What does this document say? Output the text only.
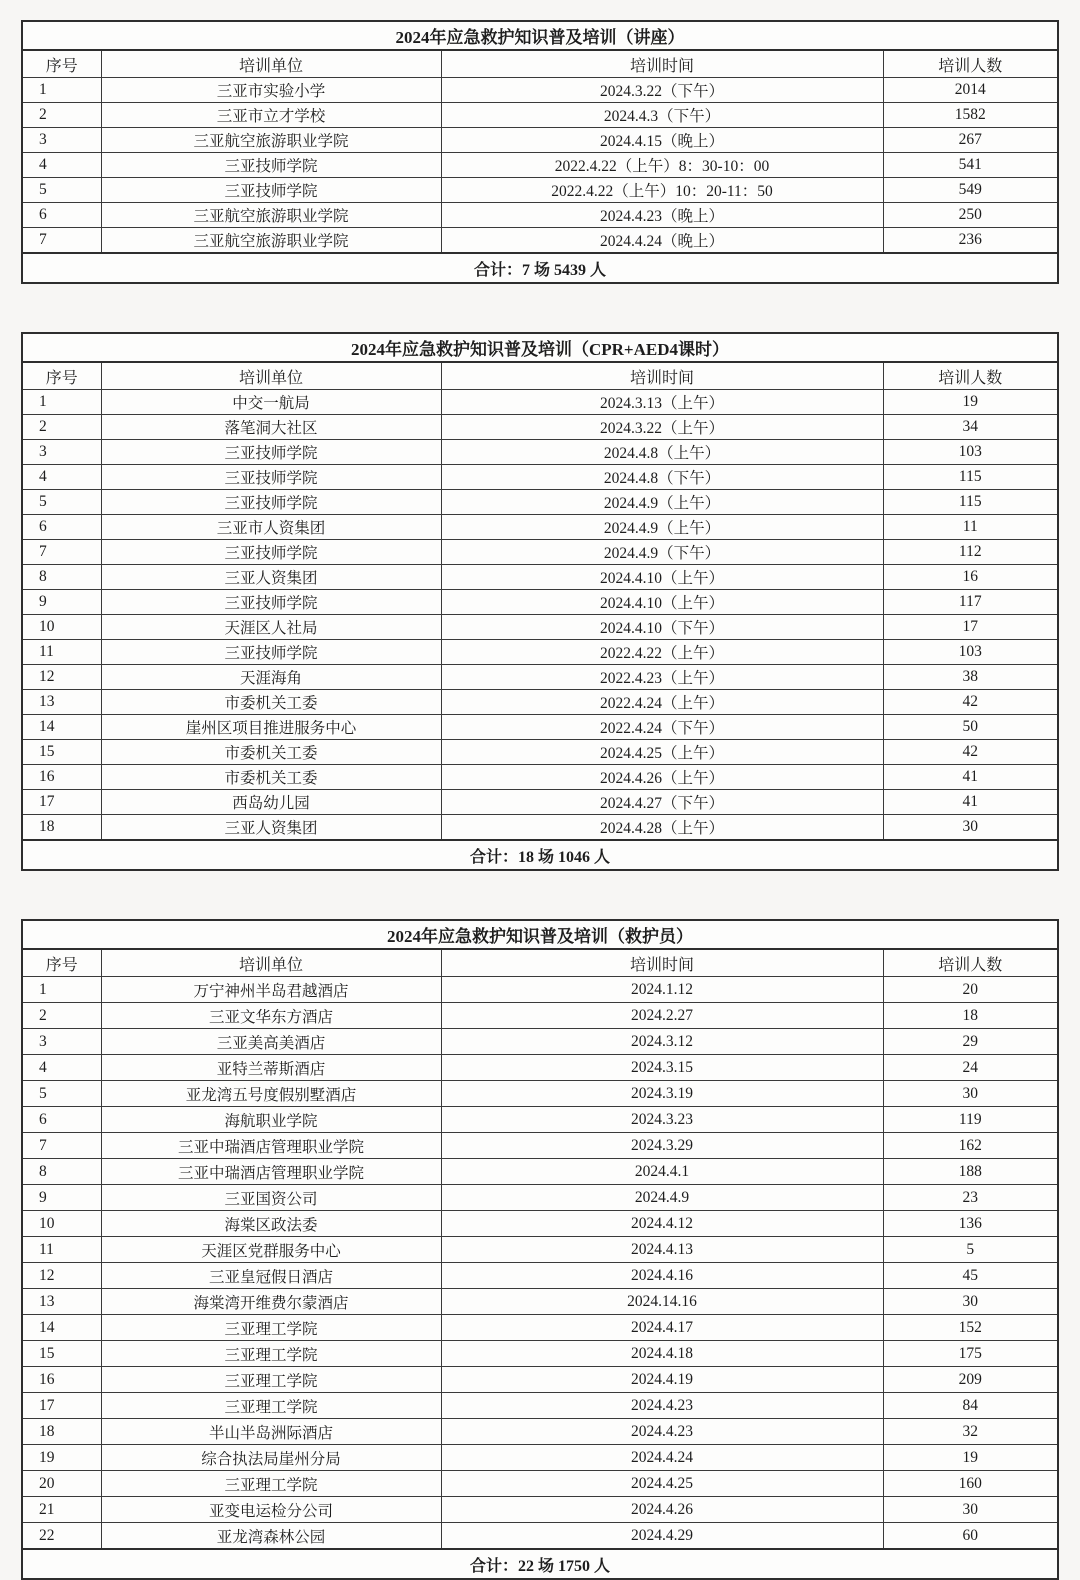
2024年应急救护知识普及培训（讲座）			
序号	培训单位	培训时间	培训人数
1	三亚市实验小学	2024.3.22（下午）	2014
2	三亚市立才学校	2024.4.3（下午）	1582
3	三亚航空旅游职业学院	2024.4.15（晚上）	267
4	三亚技师学院	2022.4.22（上午）8：30-10：00	541
5	三亚技师学院	2022.4.22（上午）10：20-11：50	549
6	三亚航空旅游职业学院	2024.4.23（晚上）	250
7	三亚航空旅游职业学院	2024.4.24（晚上）	236
合计：7 场 5439 人			
2024年应急救护知识普及培训（CPR+AED4课时）			
序号	培训单位	培训时间	培训人数
1	中交一航局	2024.3.13（上午）	19
2	落笔洞大社区	2024.3.22（上午）	34
3	三亚技师学院	2024.4.8（上午）	103
4	三亚技师学院	2024.4.8（下午）	115
5	三亚技师学院	2024.4.9（上午）	115
6	三亚市人资集团	2024.4.9（上午）	11
7	三亚技师学院	2024.4.9（下午）	112
8	三亚人资集团	2024.4.10（上午）	16
9	三亚技师学院	2024.4.10（上午）	117
10	天涯区人社局	2024.4.10（下午）	17
11	三亚技师学院	2022.4.22（上午）	103
12	天涯海角	2022.4.23（上午）	38
13	市委机关工委	2022.4.24（上午）	42
14	崖州区项目推进服务中心	2022.4.24（下午）	50
15	市委机关工委	2024.4.25（上午）	42
16	市委机关工委	2024.4.26（上午）	41
17	西岛幼儿园	2024.4.27（下午）	41
18	三亚人资集团	2024.4.28（上午）	30
合计：18 场 1046 人			
2024年应急救护知识普及培训（救护员）			
序号	培训单位	培训时间	培训人数
1	万宁神州半岛君越酒店	2024.1.12	20
2	三亚文华东方酒店	2024.2.27	18
3	三亚美高美酒店	2024.3.12	29
4	亚特兰蒂斯酒店	2024.3.15	24
5	亚龙湾五号度假别墅酒店	2024.3.19	30
6	海航职业学院	2024.3.23	119
7	三亚中瑞酒店管理职业学院	2024.3.29	162
8	三亚中瑞酒店管理职业学院	2024.4.1	188
9	三亚国资公司	2024.4.9	23
10	海棠区政法委	2024.4.12	136
11	天涯区党群服务中心	2024.4.13	5
12	三亚皇冠假日酒店	2024.4.16	45
13	海棠湾开维费尔蒙酒店	2024.14.16	30
14	三亚理工学院	2024.4.17	152
15	三亚理工学院	2024.4.18	175
16	三亚理工学院	2024.4.19	209
17	三亚理工学院	2024.4.23	84
18	半山半岛洲际酒店	2024.4.23	32
19	综合执法局崖州分局	2024.4.24	19
20	三亚理工学院	2024.4.25	160
21	亚变电运检分公司	2024.4.26	30
22	亚龙湾森林公园	2024.4.29	60
合计：22 场 1750 人			
